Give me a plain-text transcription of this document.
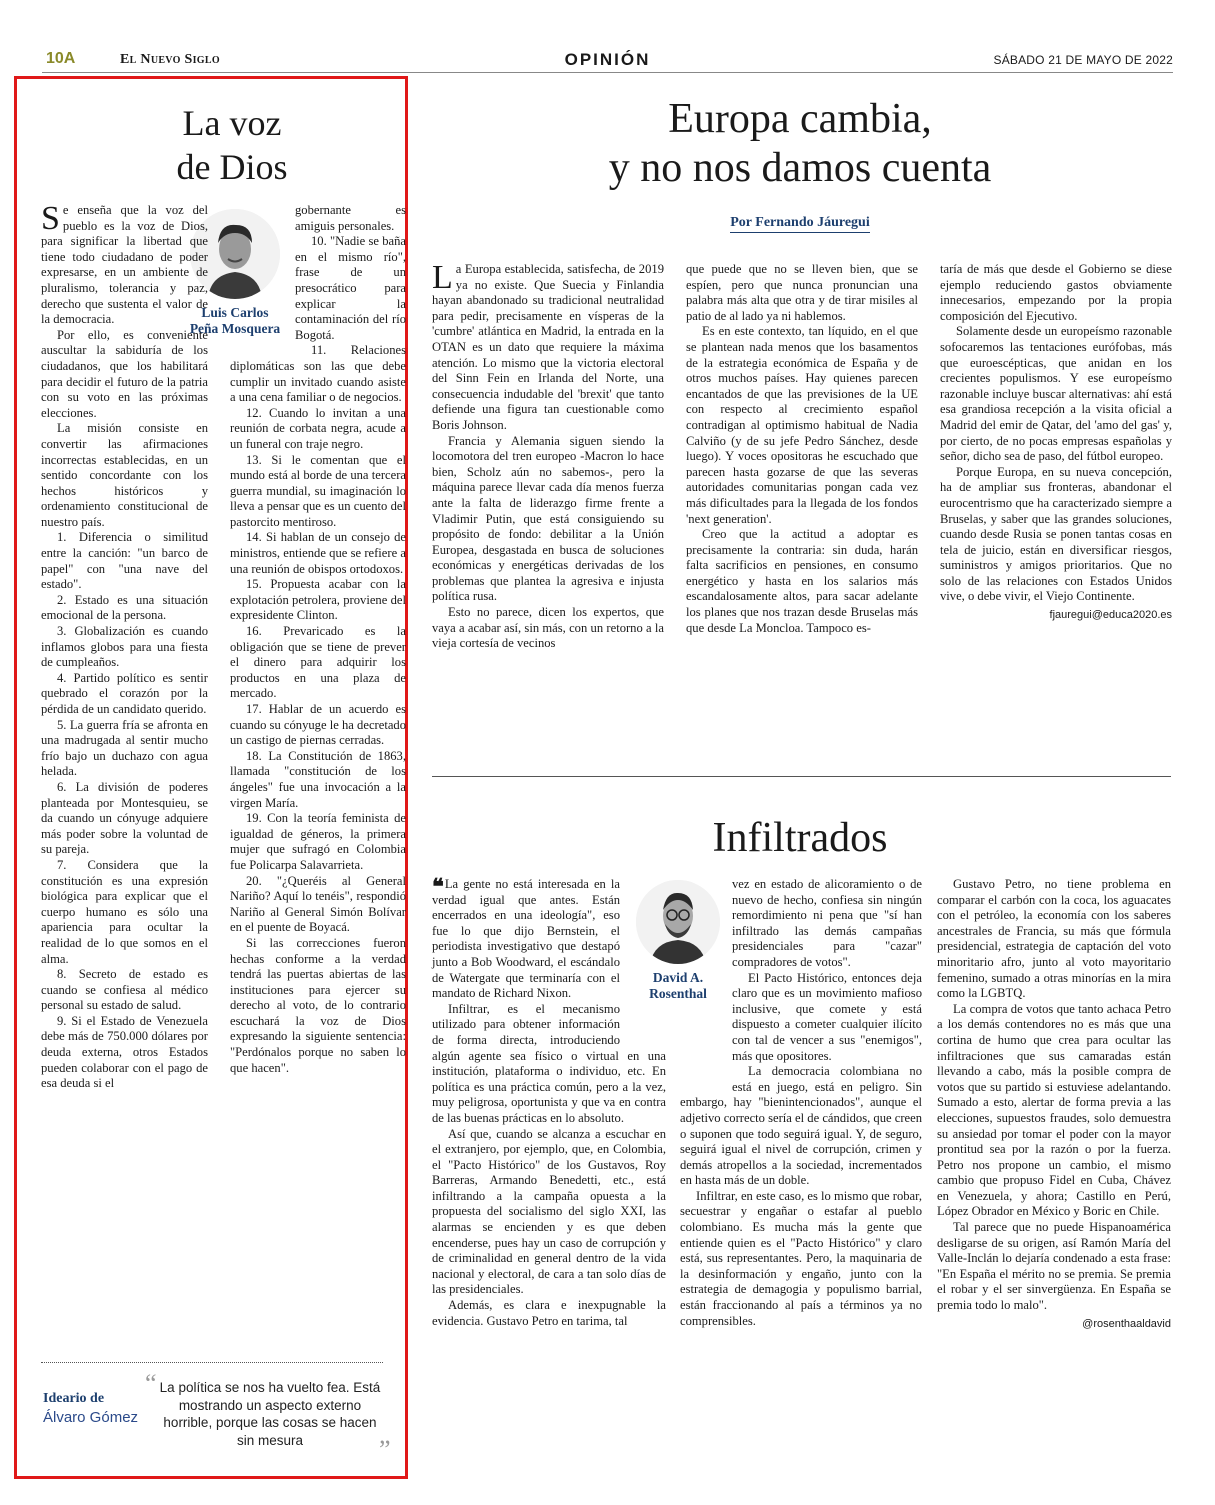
10A	El Nuevo Siglo	OPINIÓN	SÁBADO 21 DE MAYO DE 2022
La voz
de Dios
Luis Carlos
Peña Mosquera

Se enseña que la voz del pueblo es la voz de Dios, para significar la libertad que tiene todo ciudadano de poder expresarse, en un ambiente de pluralismo, tolerancia y paz, derecho que sustenta el valor de la democracia.

Por ello, es conveniente auscultar la sabiduría de los ciudadanos, que los habilitará para decidir el futuro de la patria con su voto en las próximas elecciones.

La misión consiste en convertir las afirmaciones incorrectas establecidas, en un sentido concordante con los hechos históricos y ordenamiento constitucional de nuestro país.

1. Diferencia o similitud entre la canción: "un barco de papel" con "una nave del estado".

2. Estado es una situación emocional de la persona.

3. Globalización es cuando inflamos globos para una fiesta de cumpleaños.

4. Partido político es sentir quebrado el corazón por la pérdida de un candidato querido.

5. La guerra fría se afronta en una madrugada al sentir mucho frío bajo un duchazo con agua helada.

6. La división de poderes planteada por Montesquieu, se da cuando un cónyuge adquiere más poder sobre la voluntad de su pareja.

7. Considera que la constitución es una expresión biológica para explicar que el cuerpo humano es sólo una apariencia para ocultar la realidad de lo que somos en el alma.

8. Secreto de estado es cuando se confiesa al médico personal su estado de salud.

9. Si el Estado de Venezuela debe más de 750.000 dólares por deuda externa, otros Estados pueden colaborar con el pago de esa deuda si el

gobernante es amiguis personales.

10. "Nadie se baña en el mismo río", frase de un presocrático para explicar la contaminación del río Bogotá.

11. Relaciones diplomáticas son las que debe cumplir un invitado cuando asiste a una cena familiar o de negocios.

12. Cuando lo invitan a una reunión de corbata negra, acude a un funeral con traje negro.

13. Si le comentan que el mundo está al borde de una tercera guerra mundial, su imaginación lo lleva a pensar que es un cuento del pastorcito mentiroso.

14. Si hablan de un consejo de ministros, entiende que se refiere a una reunión de obispos ortodoxos.

15. Propuesta acabar con la explotación petrolera, proviene del expresidente Clinton.

16. Prevaricado es la obligación que se tiene de prever el dinero para adquirir los productos en una plaza de mercado.

17. Hablar de un acuerdo es cuando su cónyuge le ha decretado un castigo de piernas cerradas.

18. La Constitución de 1863, llamada "constitución de los ángeles" fue una invocación a la virgen María.

19. Con la teoría feminista de igualdad de géneros, la primera mujer que sufragó en Colombia fue Policarpa Salavarrieta.

20. "¿Queréis al General Nariño? Aquí lo tenéis", respondió Nariño al General Simón Bolívar en el puente de Boyacá.

Si las correcciones fueron hechas conforme a la verdad tendrá las puertas abiertas de las instituciones para ejercer su derecho al voto, de lo contrario escuchará la voz de Dios expresando la siguiente sentencia: "Perdónalos porque no saben lo que hacen".

Ideario de
Álvaro Gómez
“ La política se nos ha vuelto fea. Está mostrando un aspecto externo horrible, porque las cosas se hacen sin mesura	”
Europa cambia,
y no nos damos cuenta
Por Fernando Jáuregui

La Europa establecida, satisfecha, de 2019 ya no existe. Que Suecia y Finlandia hayan abandonado su tradicional neutralidad para pedir, precisamente en vísperas de la 'cumbre' atlántica en Madrid, la entrada en la OTAN es un dato que requiere la máxima atención. Lo mismo que la victoria electoral del Sinn Fein en Irlanda del Norte, una consecuencia indudable del 'brexit' que tanto defiende una figura tan cuestionable como Boris Johnson.

Francia y Alemania siguen siendo la locomotora del tren europeo -Macron lo hace bien, Scholz aún no sabemos-, pero la máquina parece llevar cada día menos fuerza ante la falta de liderazgo firme frente a Vladimir Putin, que está consiguiendo su propósito de fondo: debilitar a la Unión Europea, desgastada en busca de soluciones económicas y energéticas derivadas de los problemas que plantea la agresiva e injusta política rusa.

Esto no parece, dicen los expertos, que vaya a acabar así, sin más, con un retorno a la vieja cortesía de vecinos

que puede que no se lleven bien, que se espíen, pero que nunca pronuncian una palabra más alta que otra y de tirar misiles al patio de al lado ya ni hablemos.

Es en este contexto, tan líquido, en el que se plantean nada menos que los basamentos de la estrategia económica de España y de otros muchos países. Hay quienes parecen encantados de que las previsiones de la UE con respecto al crecimiento español contradigan al optimismo habitual de Nadia Calviño (y de su jefe Pedro Sánchez, desde luego). Y voces opositoras he escuchado que parecen hasta gozarse de que las severas autoridades comunitarias pongan cada vez más dificultades para la llegada de los fondos 'next generation'.

Creo que la actitud a adoptar es precisamente la contraria: sin duda, harán falta sacrificios en pensiones, en consumo energético y hasta en los salarios más escandalosamente altos, para sacar adelante los planes que nos trazan desde Bruselas más que desde La Moncloa. Tampoco es-

taría de más que desde el Gobierno se diese ejemplo reduciendo gastos obviamente innecesarios, empezando por la propia composición del Ejecutivo.

Solamente desde un europeísmo razonable sofocaremos las tentaciones eurófobas, más que euroescépticas, que anidan en los crecientes populismos. Y ese europeísmo razonable incluye buscar alternativas: ahí está esa grandiosa recepción a la visita oficial a Madrid del emir de Qatar, del 'amo del gas' y, por cierto, de no pocas empresas españolas y señor, dicho sea de paso, del fútbol europeo.

Porque Europa, en su nueva concepción, ha de ampliar sus fronteras, abandonar el eurocentrismo que ha caracterizado siempre a Bruselas, y saber que las grandes soluciones, cuando desde Rusia se ponen tantas cosas en tela de juicio, están en diversificar riesgos, suministros y amigos prioritarios. Que no solo de las relaciones con Estados Unidos vive, o debe vivir, el Viejo Continente.

fjauregui@educa2020.es
Infiltrados
David A.
Rosenthal

❝La gente no está interesada en la verdad igual que antes. Están encerrados en una ideología", eso fue lo que dijo Bernstein, el periodista investigativo que destapó junto a Bob Woodward, el escándalo de Watergate que terminaría con el mandato de Richard Nixon.

Infiltrar, es el mecanismo utilizado para obtener información de forma directa, introduciendo algún agente sea físico o virtual en una institución, plataforma o individuo, etc. En política es una práctica común, pero a la vez, muy peligrosa, oportunista y que va en contra de las buenas prácticas en lo absoluto.

Así que, cuando se alcanza a escuchar en el extranjero, por ejemplo, que, en Colombia, el "Pacto Histórico" de los Gustavos, Roy Barreras, Armando Benedetti, etc., está infiltrando a la campaña opuesta a la propuesta del socialismo del siglo XXI, las alarmas se encienden y es que deben encenderse, pues hay un caso de corrupción y de criminalidad en general dentro de la vida nacional y electoral, de cara a tan solo días de las presidenciales.

Además, es clara e inexpugnable la evidencia. Gustavo Petro en tarima, tal

vez en estado de alicoramiento o de nuevo de hecho, confiesa sin ningún remordimiento ni pena que "sí han infiltrado las demás campañas presidenciales para "cazar" compradores de votos".

El Pacto Histórico, entonces deja claro que es un movimiento mafioso inclusive, que comete y está dispuesto a cometer cualquier ilícito con tal de vencer a sus "enemigos", más que opositores.

La democracia colombiana no está en juego, está en peligro. Sin embargo, hay "bienintencionados", aunque el adjetivo correcto sería el de cándidos, que creen o suponen que todo seguirá igual. Y, de seguro, seguirá igual el nivel de corrupción, crimen y demás atropellos a la sociedad, incrementados en hasta más de un doble.

Infiltrar, en este caso, es lo mismo que robar, secuestrar y engañar o estafar al pueblo colombiano. Es mucha más la gente que entiende quien es el "Pacto Histórico" y claro está, sus representantes. Pero, la maquinaria de la desinformación y engaño, junto con la estrategia de demagogia y populismo barrial, están fraccionando al país a términos ya no comprensibles.

Gustavo Petro, no tiene problema en comparar el carbón con la coca, los aguacates con el petróleo, la economía con los saberes ancestrales de Francia, su más que fórmula presidencial, estrategia de captación del voto minoritario afro, junto al voto mayoritario femenino, sumado a otras minorías en la mira como la LGBTQ.

La compra de votos que tanto achaca Petro a los demás contendores no es más que una cortina de humo que crea para ocultar las infiltraciones que sus camaradas están llevando a cabo, más la posible compra de votos que su partido si estuviese adelantando. Sumado a esto, alertar de forma previa a las elecciones, supuestos fraudes, solo demuestra su ansiedad por tomar el poder con la mayor prontitud sea por la razón o por la fuerza. Petro nos propone un cambio, el mismo cambio que propuso Fidel en Cuba, Chávez en Venezuela, y ahora; Castillo en Perú, López Obrador en México y Boric en Chile.

Tal parece que no puede Hispanoamérica desligarse de su origen, así Ramón María del Valle-Inclán lo dejaría condenado a esta frase: "En España el mérito no se premia. Se premia el robar y el ser sinvergüenza. En España se premia todo lo malo".

@rosenthaaldavid
